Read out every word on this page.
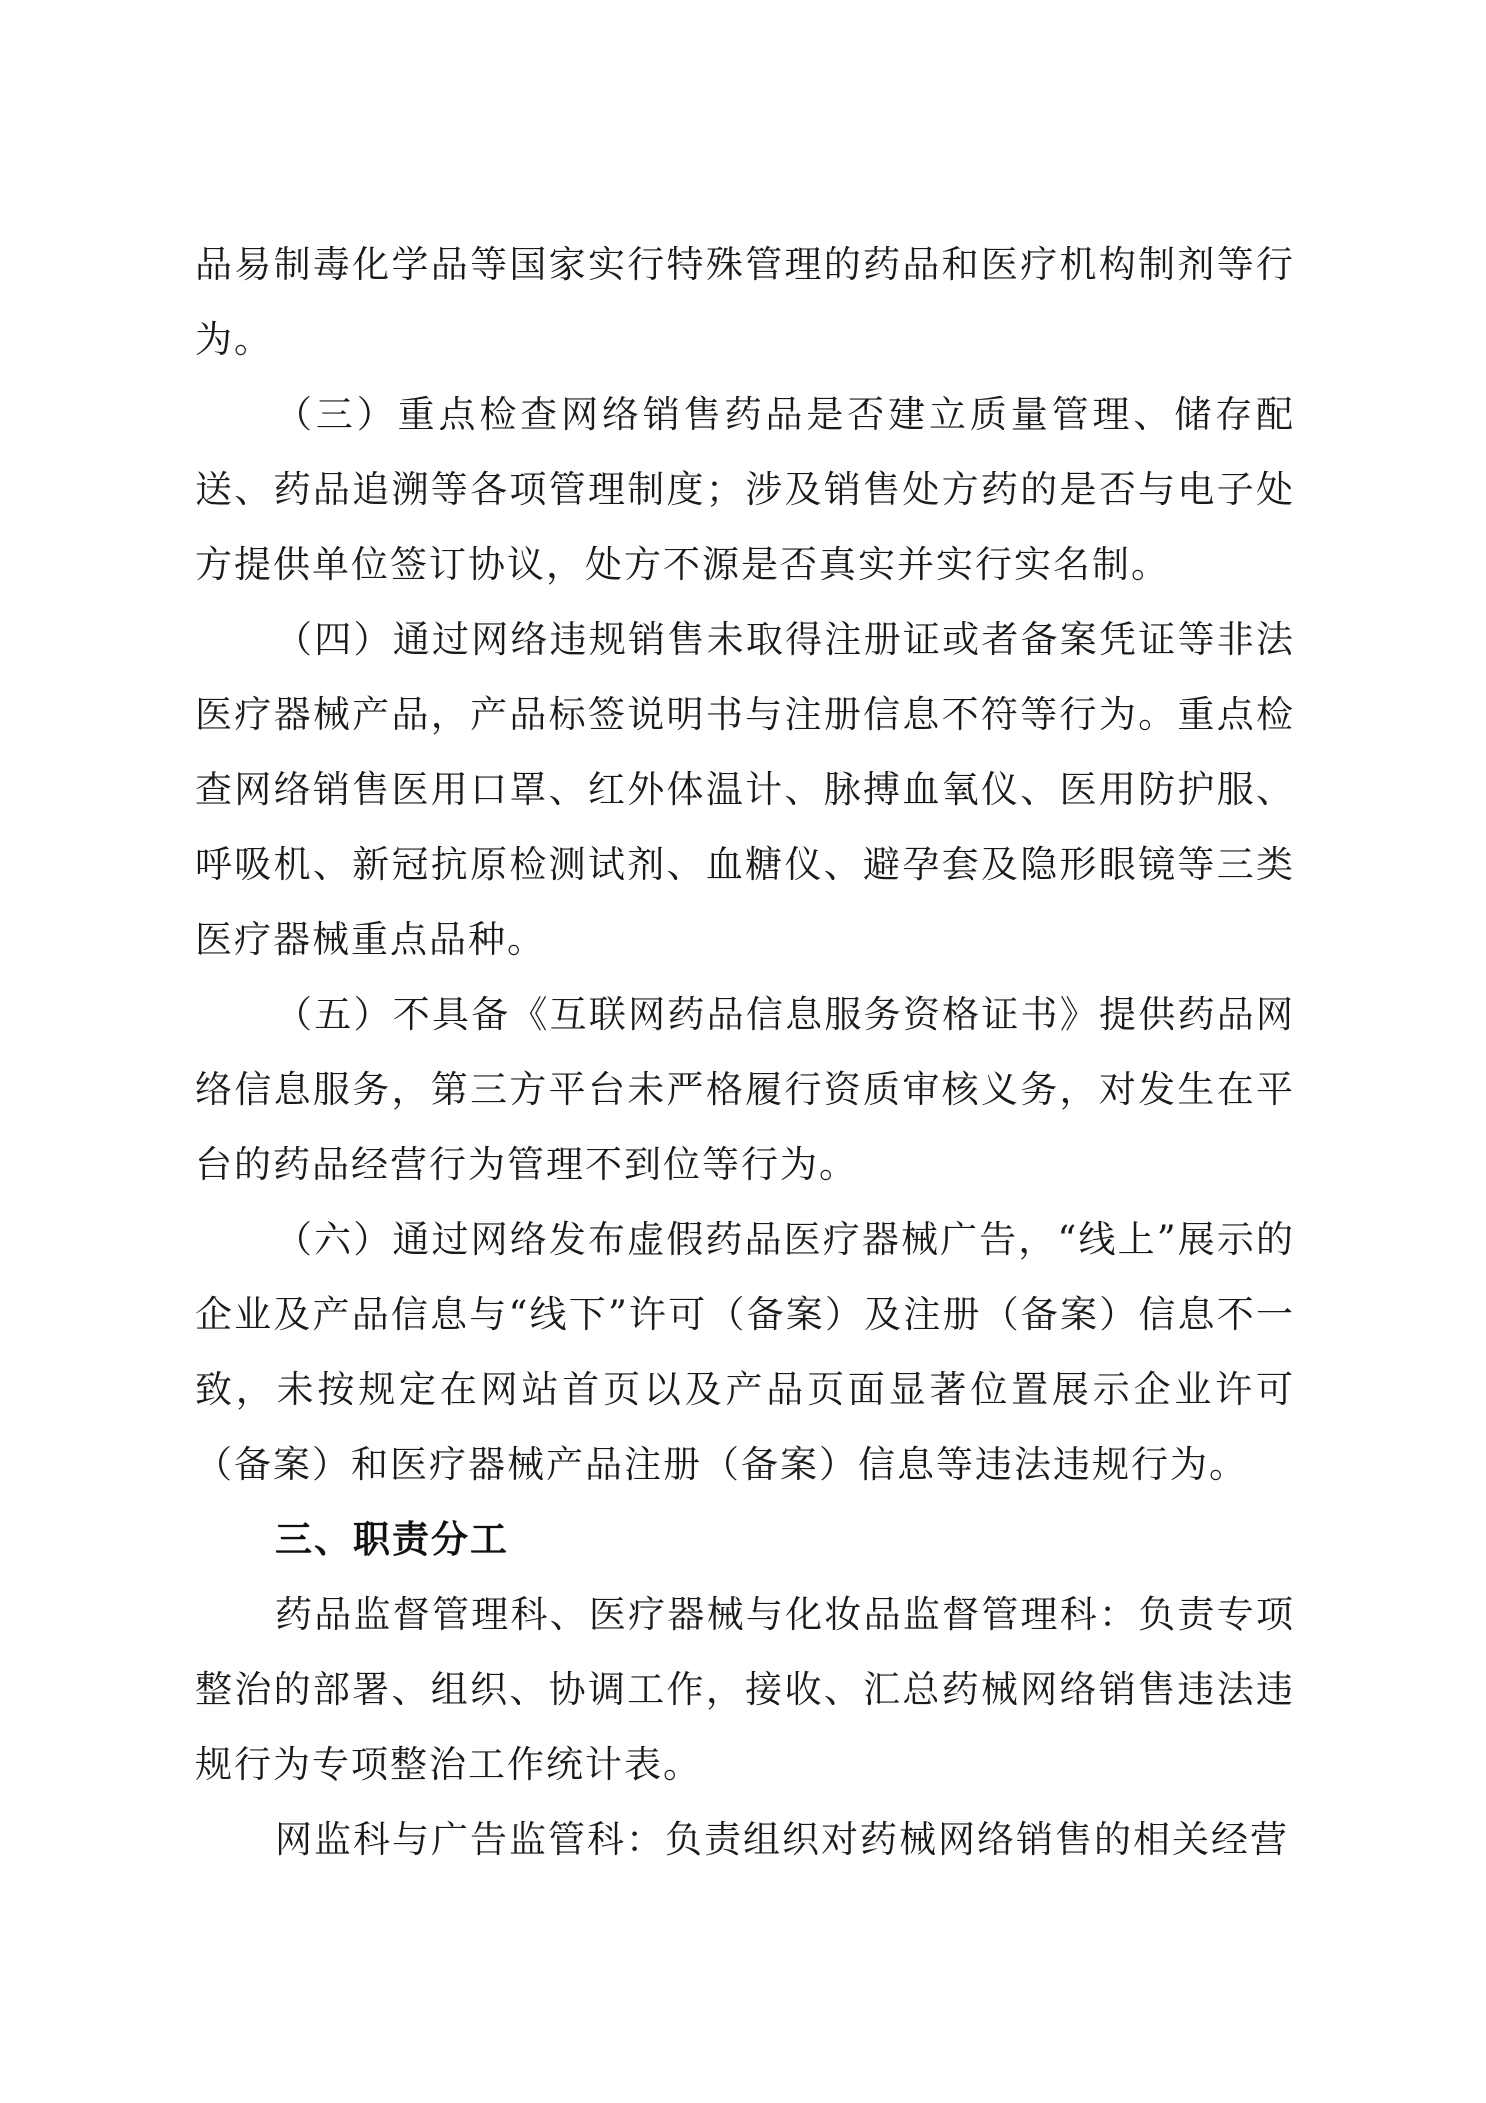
品易制毒化学品等国家实行特殊管理的药品和医疗机构制剂等行为。

（三）重点检查网络销售药品是否建立质量管理、储存配送、药品追溯等各项管理制度；涉及销售处方药的是否与电子处方提供单位签订协议，处方不源是否真实并实行实名制。

（四）通过网络违规销售未取得注册证或者备案凭证等非法医疗器械产品，产品标签说明书与注册信息不符等行为。重点检查网络销售医用口罩、红外体温计、脉搏血氧仪、医用防护服、呼吸机、新冠抗原检测试剂、血糖仪、避孕套及隐形眼镜等三类医疗器械重点品种。

（五）不具备《互联网药品信息服务资格证书》提供药品网络信息服务，第三方平台未严格履行资质审核义务，对发生在平台的药品经营行为管理不到位等行为。

（六）通过网络发布虚假药品医疗器械广告，“线上”展示的企业及产品信息与“线下”许可（备案）及注册（备案）信息不一致，未按规定在网站首页以及产品页面显著位置展示企业许可（备案）和医疗器械产品注册（备案）信息等违法违规行为。

三、职责分工

药品监督管理科、医疗器械与化妆品监督管理科：负责专项整治的部署、组织、协调工作，接收、汇总药械网络销售违法违规行为专项整治工作统计表。

网监科与广告监管科：负责组织对药械网络销售的相关经营
